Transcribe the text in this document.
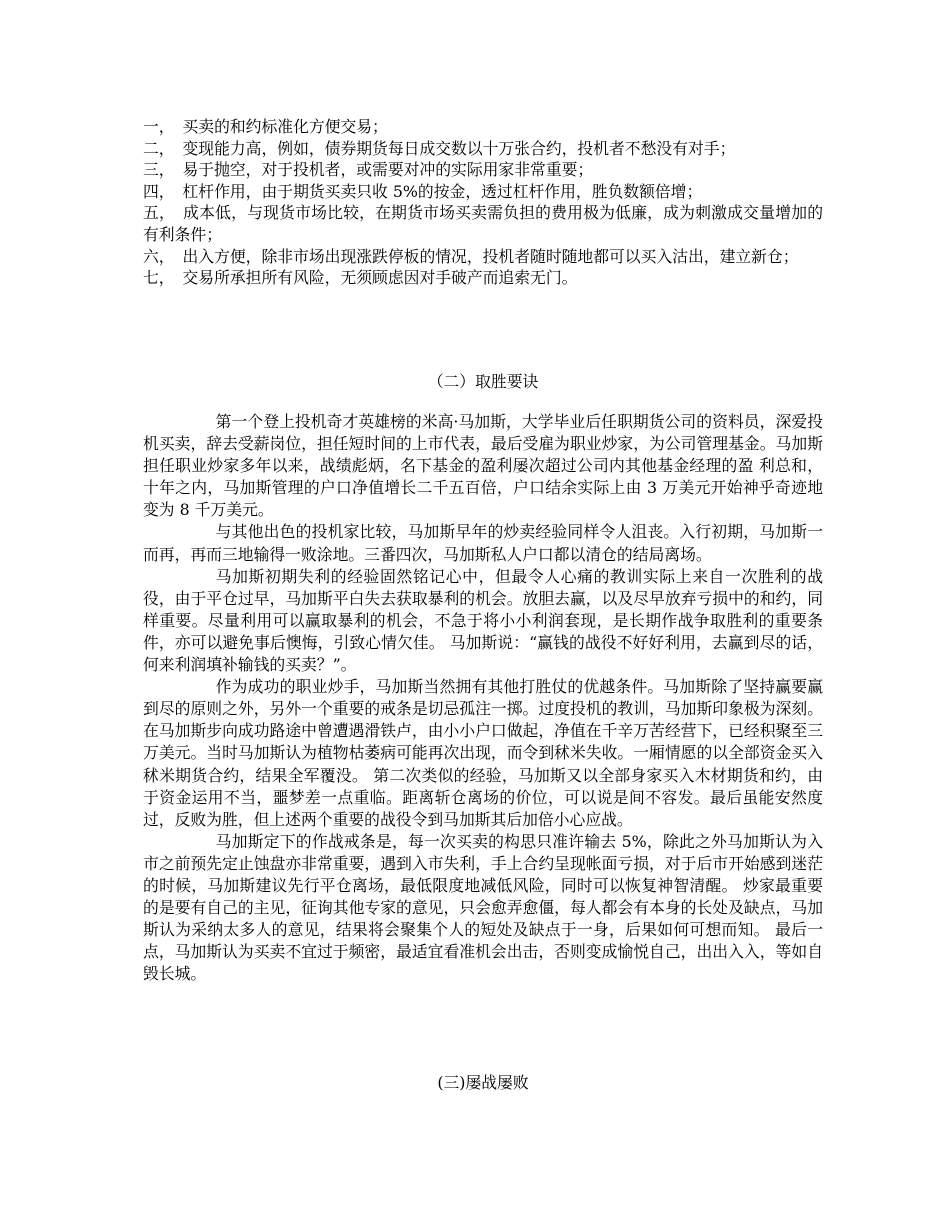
一，　买卖的和约标准化方便交易；

二，　变现能力高，例如，债券期货每日成交数以十万张合约，投机者不愁没有对手；

三，　易于抛空，对于投机者，或需要对冲的实际用家非常重要；

四，　杠杆作用，由于期货买卖只收 5%的按金，透过杠杆作用，胜负数额倍增；

五，　成本低，与现货市场比较，在期货市场买卖需负担的费用极为低廉，成为刺激成交量增加的有利条件；

六，　出入方便，除非市场出现涨跌停板的情况，投机者随时随地都可以买入沽出，建立新仓；

七，　交易所承担所有风险，无须顾虑因对手破产而追索无门。

（二）取胜要诀

第一个登上投机奇才英雄榜的米高·马加斯，大学毕业后任职期货公司的资料员，深爱投机买卖，辞去受薪岗位，担任短时间的上市代表，最后受雇为职业炒家，为公司管理基金。马加斯担任职业炒家多年以来，战绩彪炳，名下基金的盈利屡次超过公司内其他基金经理的盈 利总和，十年之内，马加斯管理的户口净值增长二千五百倍，户口结余实际上由 3 万美元开始神乎奇迹地变为 8 千万美元。

与其他出色的投机家比较，马加斯早年的炒卖经验同样令人沮丧。入行初期，马加斯一而再，再而三地输得一败涂地。三番四次，马加斯私人户口都以清仓的结局离场。

马加斯初期失利的经验固然铭记心中，但最令人心痛的教训实际上来自一次胜利的战役，由于平仓过早，马加斯平白失去获取暴利的机会。放胆去赢，以及尽早放弃亏损中的和约，同样重要。尽量利用可以赢取暴利的机会，不急于将小小利润套现，是长期作战争取胜利的重要条件，亦可以避免事后懊悔，引致心情欠佳。 马加斯说：“赢钱的战役不好好利用，去赢到尽的话，何来利润填补输钱的买卖？”。

作为成功的职业炒手，马加斯当然拥有其他打胜仗的优越条件。马加斯除了坚持赢要赢到尽的原则之外，另外一个重要的戒条是切忌孤注一掷。过度投机的教训，马加斯印象极为深刻。在马加斯步向成功路途中曾遭遇滑铁卢，由小小户口做起，净值在千辛万苦经营下，已经积聚至三万美元。当时马加斯认为植物枯萎病可能再次出现，而令到秫米失收。一厢情愿的以全部资金买入秫米期货合约，结果全军覆没。 第二次类似的经验，马加斯又以全部身家买入木材期货和约，由于资金运用不当，噩梦差一点重临。距离斩仓离场的价位，可以说是间不容发。最后虽能安然度过，反败为胜，但上述两个重要的战役令到马加斯其后加倍小心应战。

马加斯定下的作战戒条是，每一次买卖的构思只准许输去 5%，除此之外马加斯认为入市之前预先定止蚀盘亦非常重要，遇到入市失利，手上合约呈现帐面亏损，对于后市开始感到迷茫的时候，马加斯建议先行平仓离场，最低限度地减低风险，同时可以恢复神智清醒。 炒家最重要的是要有自己的主见，征询其他专家的意见，只会愈弄愈僵，每人都会有本身的长处及缺点，马加斯认为采纳太多人的意见，结果将会聚集个人的短处及缺点于一身，后果如何可想而知。 最后一点，马加斯认为买卖不宜过于频密，最适宜看准机会出击，否则变成愉悦自己，出出入入，等如自毁长城。

(三)屡战屡败
